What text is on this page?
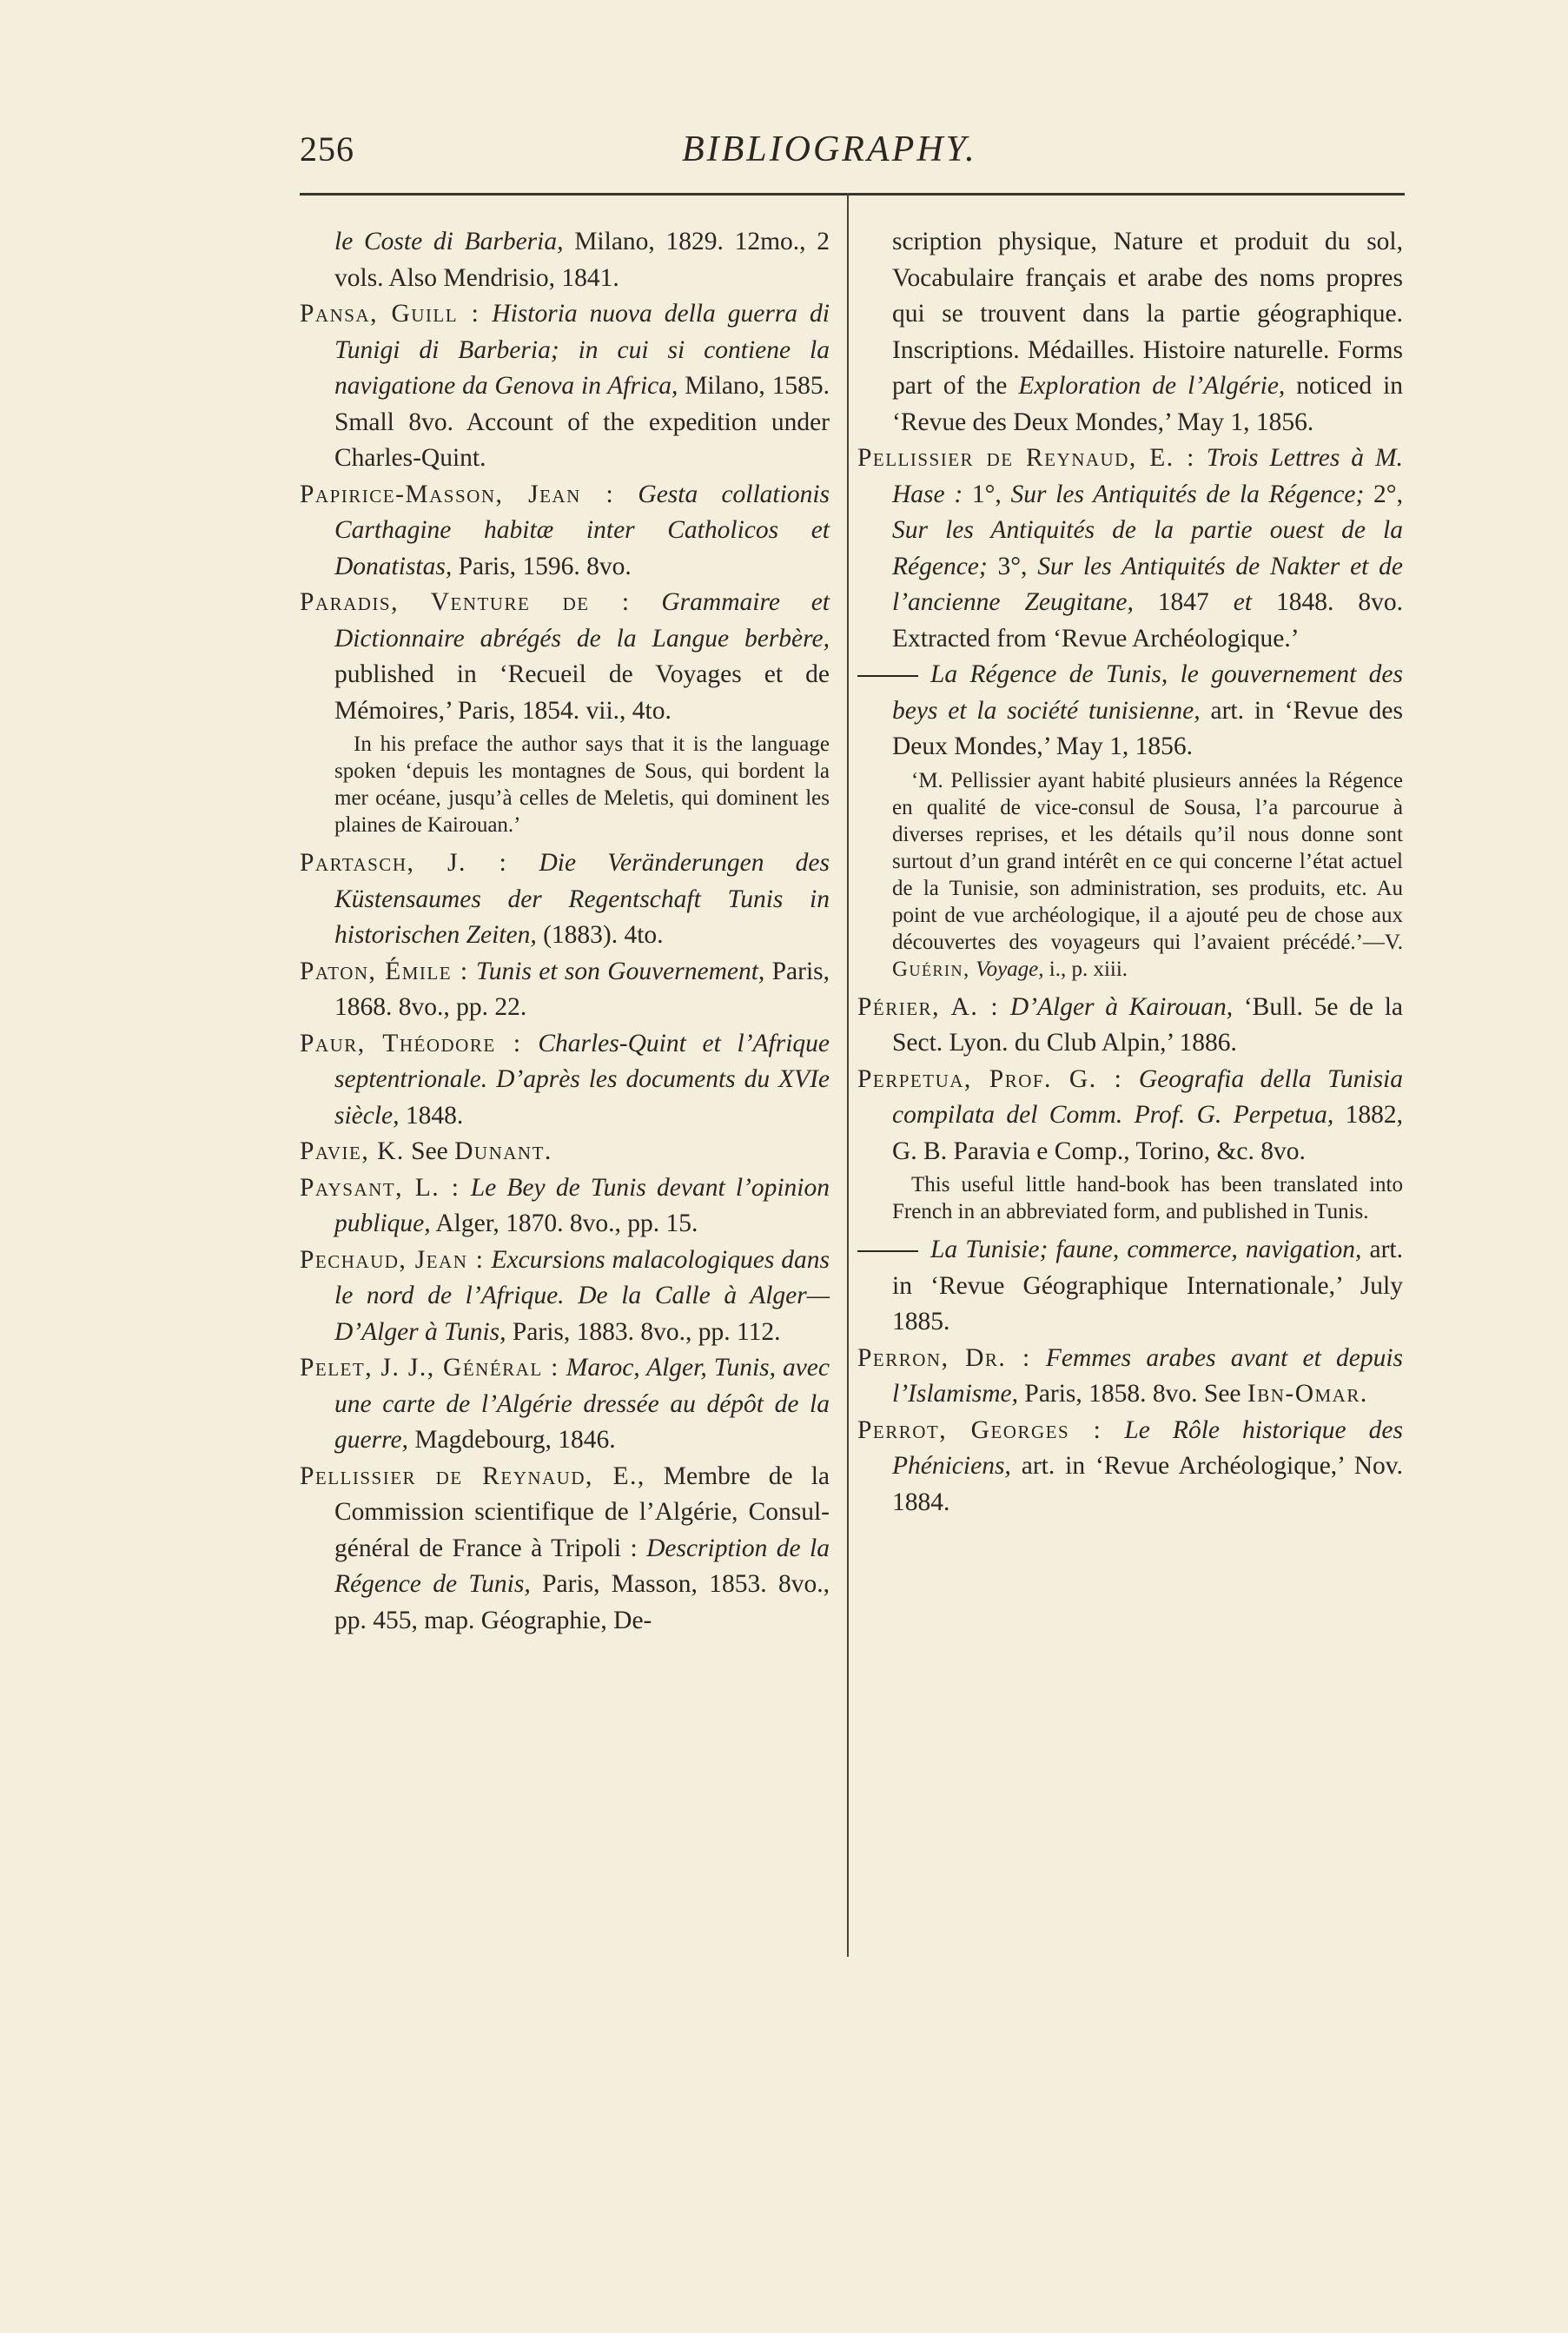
256	BIBLIOGRAPHY.

le Coste di Barberia, Milano, 1829. 12mo., 2 vols. Also Mendrisio, 1841.

Pansa, Guill : Historia nuova della guerra di Tunigi di Barberia; in cui si contiene la navigatione da Genova in Africa, Milano, 1585. Small 8vo. Account of the expedition under Charles-Quint.

Papirice-Masson, Jean : Gesta collationis Carthagine habitæ inter Catholicos et Donatistas, Paris, 1596. 8vo.

Paradis, Venture de : Grammaire et Dictionnaire abrégés de la Langue berbère, published in ‘Recueil de Voyages et de Mémoires,’ Paris, 1854. vii., 4to.

In his preface the author says that it is the language spoken ‘depuis les montagnes de Sous, qui bordent la mer océane, jusqu’à celles de Meletis, qui dominent les plaines de Kairouan.’

Partasch, J. : Die Veränderungen des Küstensaumes der Regentschaft Tunis in historischen Zeiten, (1883). 4to.

Paton, Émile : Tunis et son Gouvernement, Paris, 1868. 8vo., pp. 22.

Paur, Théodore : Charles-Quint et l’Afrique septentrionale. D’après les documents du XVIe siècle, 1848.

Pavie, K. See Dunant.

Paysant, L. : Le Bey de Tunis devant l’opinion publique, Alger, 1870. 8vo., pp. 15.

Pechaud, Jean : Excursions malacologiques dans le nord de l’Afrique. De la Calle à Alger—D’Alger à Tunis, Paris, 1883. 8vo., pp. 112.

Pelet, J. J., Général : Maroc, Alger, Tunis, avec une carte de l’Algérie dressée au dépôt de la guerre, Magdebourg, 1846.

Pellissier de Reynaud, E., Membre de la Commission scientifique de l’Algérie, Consul-général de France à Tripoli : Description de la Régence de Tunis, Paris, Masson, 1853. 8vo., pp. 455, map. Géographie, De-

scription physique, Nature et produit du sol, Vocabulaire français et arabe des noms propres qui se trouvent dans la partie géographique. Inscriptions. Médailles. Histoire naturelle. Forms part of the Exploration de l’Algérie, noticed in ‘Revue des Deux Mondes,’ May 1, 1856.

Pellissier de Reynaud, E. : Trois Lettres à M. Hase : 1°, Sur les Antiquités de la Régence; 2°, Sur les Antiquités de la partie ouest de la Régence; 3°, Sur les Antiquités de Nakter et de l’ancienne Zeugitane, 1847 et 1848. 8vo. Extracted from ‘Revue Archéologique.’

La Régence de Tunis, le gouvernement des beys et la société tunisienne, art. in ‘Revue des Deux Mondes,’ May 1, 1856.

‘M. Pellissier ayant habité plusieurs années la Régence en qualité de vice-consul de Sousa, l’a parcourue à diverses reprises, et les détails qu’il nous donne sont surtout d’un grand intérêt en ce qui concerne l’état actuel de la Tunisie, son administration, ses produits, etc. Au point de vue archéologique, il a ajouté peu de chose aux découvertes des voyageurs qui l’avaient précédé.’—V. Guérin, Voyage, i., p. xiii.

Périer, A. : D’Alger à Kairouan, ‘Bull. 5e de la Sect. Lyon. du Club Alpin,’ 1886.

Perpetua, Prof. G. : Geografia della Tunisia compilata del Comm. Prof. G. Perpetua, 1882, G. B. Paravia e Comp., Torino, &c. 8vo.

This useful little hand-book has been translated into French in an abbreviated form, and published in Tunis.

La Tunisie; faune, commerce, navigation, art. in ‘Revue Géographique Internationale,’ July 1885.

Perron, Dr. : Femmes arabes avant et depuis l’Islamisme, Paris, 1858. 8vo. See Ibn-Omar.

Perrot, Georges : Le Rôle historique des Phéniciens, art. in ‘Revue Archéologique,’ Nov. 1884.
